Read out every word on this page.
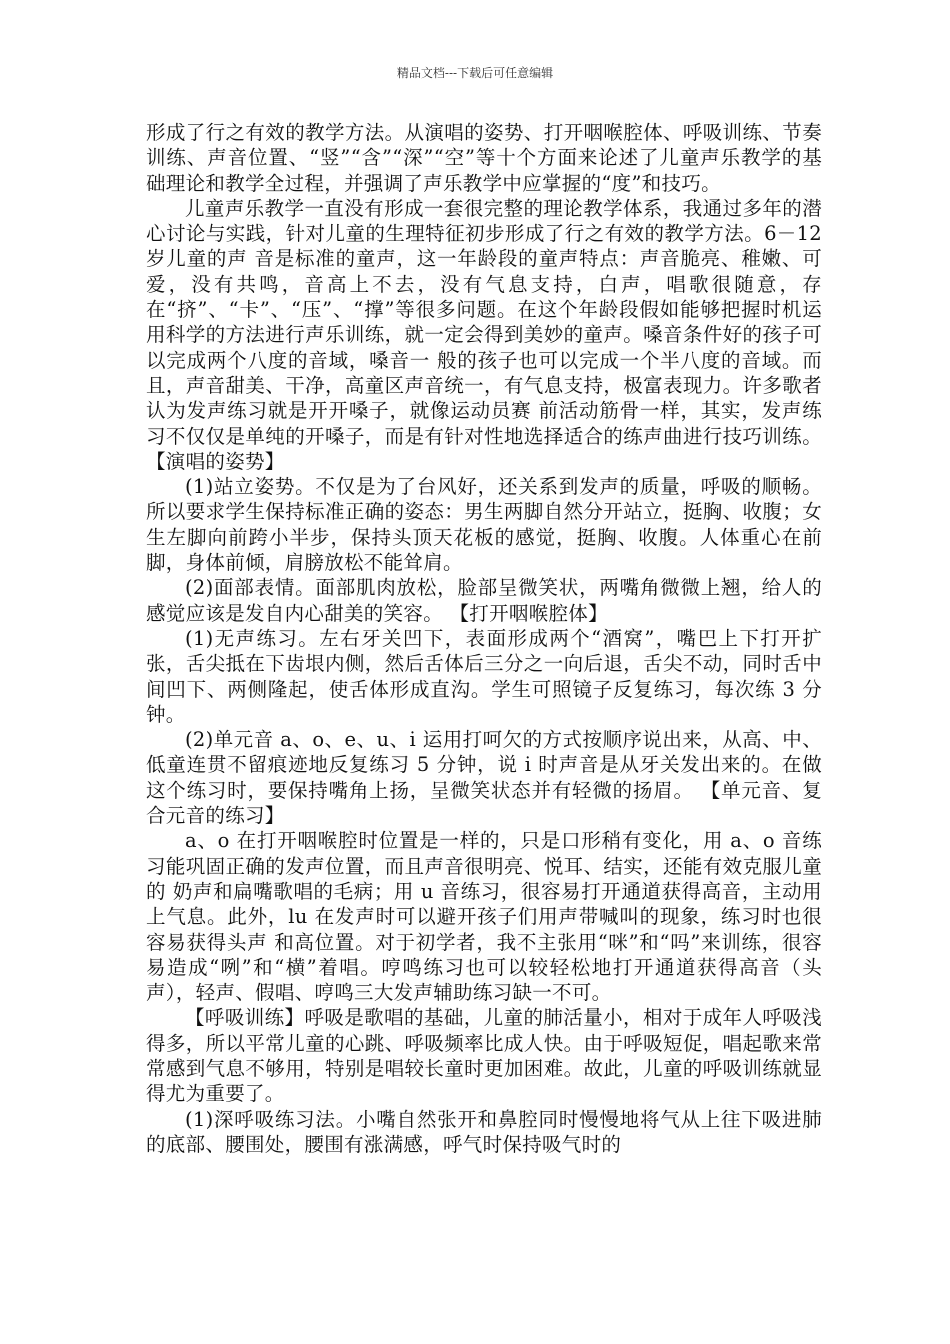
精品文档---下载后可任意编辑

形成了行之有效的教学方法。从演唱的姿势、打开咽喉腔体、呼吸训练、节奏训练、声音位置、“竖”“含”“深”“空”等十个方面来论述了儿童声乐教学的基础理论和教学全过程，并强调了声乐教学中应掌握的“度”和技巧。

儿童声乐教学一直没有形成一套很完整的理论教学体系，我通过多年的潜心讨论与实践，针对儿童的生理特征初步形成了行之有效的教学方法。6－12 岁儿童的声 音是标准的童声，这一年龄段的童声特点：声音脆亮、稚嫩、可爱，没有共鸣，音高上不去，没有气息支持，白声，唱歌很随意，存在“挤”、“卡”、“压”、“撑”等很多问题。在这个年龄段假如能够把握时机运用科学的方法进行声乐训练，就一定会得到美妙的童声。嗓音条件好的孩子可以完成两个八度的音域，嗓音一 般的孩子也可以完成一个半八度的音域。而且，声音甜美、干净，高童区声音统一，有气息支持，极富表现力。许多歌者认为发声练习就是开开嗓子，就像运动员赛 前活动筋骨一样，其实，发声练习不仅仅是单纯的开嗓子，而是有针对性地选择适合的练声曲进行技巧训练。 【演唱的姿势】

(1)站立姿势。不仅是为了台风好，还关系到发声的质量，呼吸的顺畅。所以要求学生保持标准正确的姿态：男生两脚自然分开站立，挺胸、收腹；女生左脚向前跨小半步，保持头顶天花板的感觉，挺胸、收腹。人体重心在前脚，身体前倾，肩膀放松不能耸肩。

(2)面部表情。面部肌肉放松，脸部呈微笑状，两嘴角微微上翘，给人的感觉应该是发自内心甜美的笑容。 【打开咽喉腔体】

(1)无声练习。左右牙关凹下，表面形成两个“酒窝”，嘴巴上下打开扩张，舌尖抵在下齿垠内侧，然后舌体后三分之一向后退，舌尖不动，同时舌中间凹下、两侧隆起，使舌体形成直沟。学生可照镜子反复练习，每次练 3 分钟。

(2)单元音 a、o、e、u、i 运用打呵欠的方式按顺序说出来，从高、中、低童连贯不留痕迹地反复练习 5 分钟，说 i 时声音是从牙关发出来的。在做这个练习时，要保持嘴角上扬，呈微笑状态并有轻微的扬眉。 【单元音、复合元音的练习】

a、o 在打开咽喉腔时位置是一样的，只是口形稍有变化，用 a、o 音练习能巩固正确的发声位置，而且声音很明亮、悦耳、结实，还能有效克服儿童的 奶声和扁嘴歌唱的毛病；用 u 音练习，很容易打开通道获得高音，主动用上气息。此外，lu 在发声时可以避开孩子们用声带喊叫的现象，练习时也很容易获得头声 和高位置。对于初学者，我不主张用“咪”和“吗”来训练，很容易造成“咧”和“横”着唱。哼鸣练习也可以较轻松地打开通道获得高音（头声），轻声、假唱、哼鸣三大发声辅助练习缺一不可。

【呼吸训练】呼吸是歌唱的基础，儿童的肺活量小，相对于成年人呼吸浅得多，所以平常儿童的心跳、呼吸频率比成人快。由于呼吸短促，唱起歌来常常感到气息不够用，特别是唱较长童时更加困难。故此，儿童的呼吸训练就显得尤为重要了。

(1)深呼吸练习法。小嘴自然张开和鼻腔同时慢慢地将气从上往下吸进肺的底部、腰围处，腰围有涨满感，呼气时保持吸气时的
